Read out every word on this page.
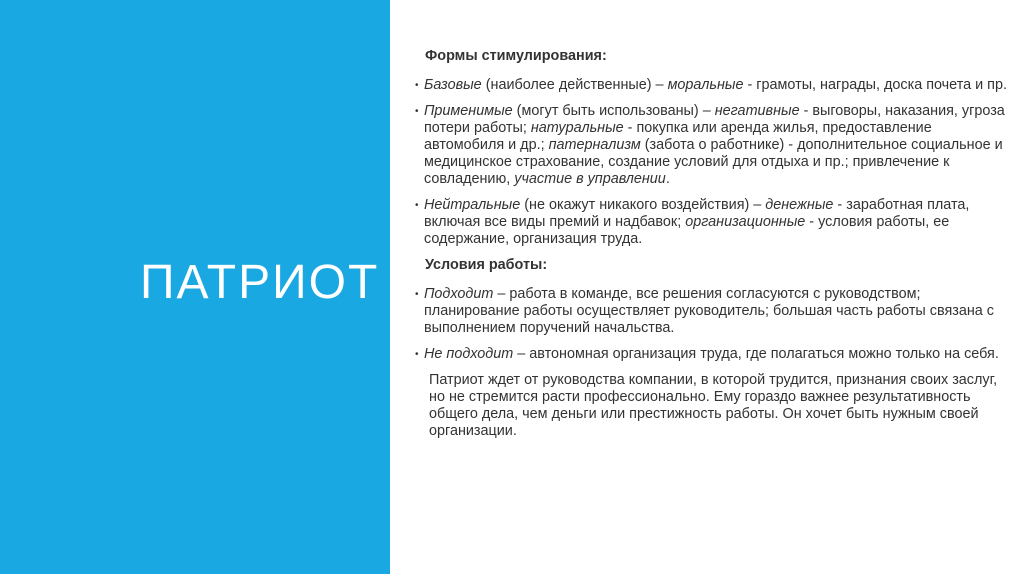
ПАТРИОТ
Формы стимулирования:
• Базовые (наиболее действенные) – моральные - грамоты, награды, доска почета и пр.
• Применимые (могут быть использованы) – негативные - выговоры, наказания, угроза потери работы; натуральные - покупка или аренда жилья, предоставление автомобиля и др.; патернализм (забота о работнике) - дополнительное социальное и медицинское страхование, создание условий для отдыха и пр.; привлечение к совладению, участие в управлении.
• Нейтральные (не окажут никакого воздействия) – денежные - заработная плата, включая все виды премий и надбавок; организационные - условия работы, ее содержание, организация труда.
Условия работы:
• Подходит – работа в команде, все решения согласуются с руководством; планирование работы осуществляет руководитель; большая часть работы связана с выполнением поручений начальства.
• Не подходит – автономная организация труда, где полагаться можно только на себя.

Патриот ждет от руководства компании, в которой трудится, признания своих заслуг, но не стремится расти профессионально. Ему гораздо важнее результативность общего дела, чем деньги или престижность работы. Он хочет быть нужным своей организации.
